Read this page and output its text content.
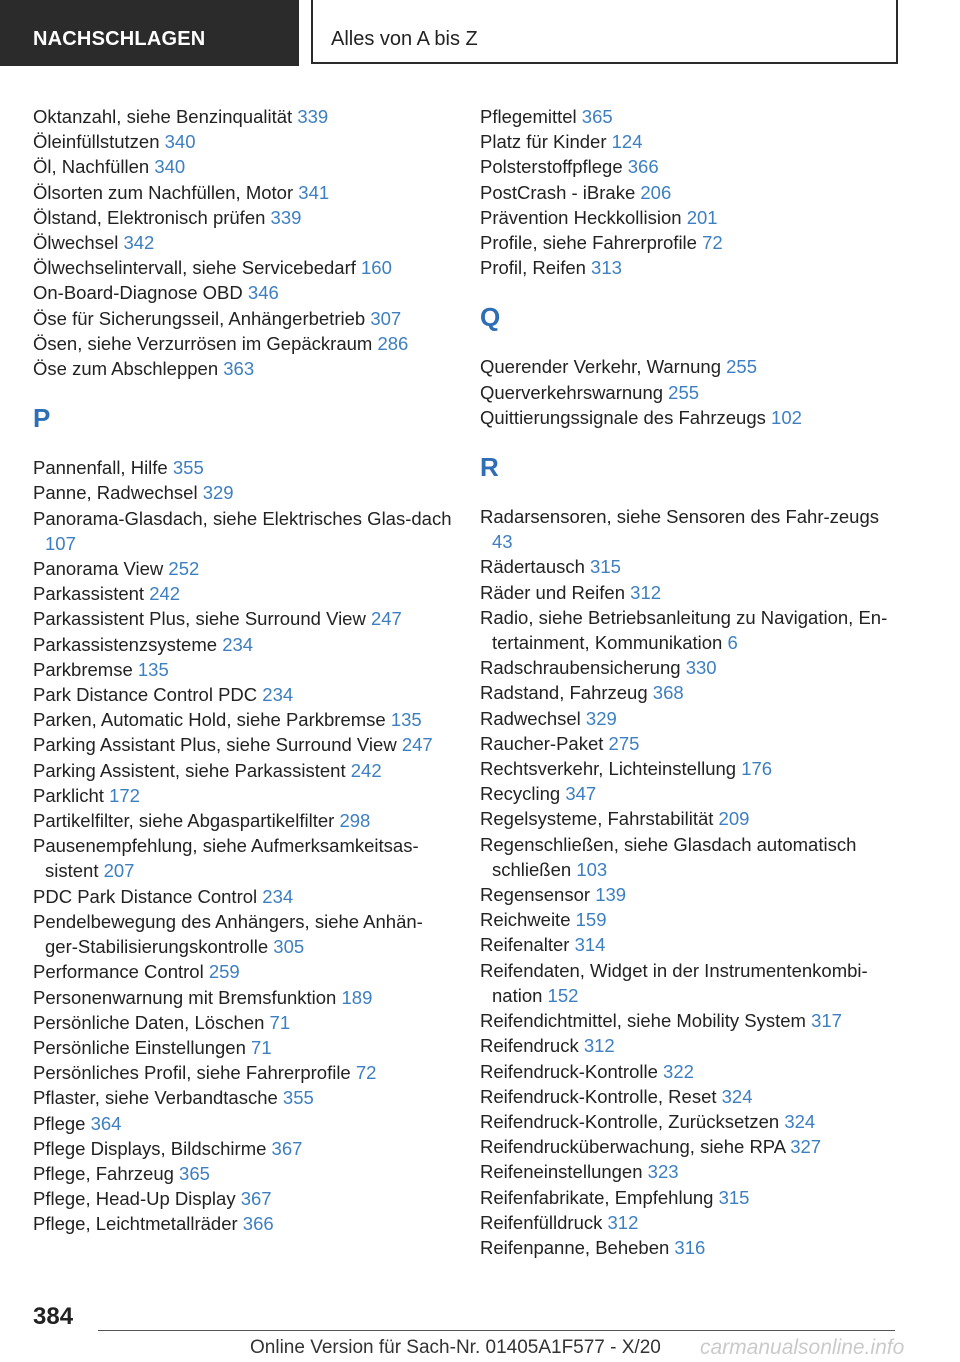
NACHSCHLAGEN	Alles von A bis Z
Oktanzahl, siehe Benzinqualität 339
Öleinfüllstutzen 340
Öl, Nachfüllen 340
Ölsorten zum Nachfüllen, Motor 341
Ölstand, Elektronisch prüfen 339
Ölwechsel 342
Ölwechselintervall, siehe Servicebedarf 160
On-Board-Diagnose OBD 346
Öse für Sicherungsseil, Anhängerbetrieb 307
Ösen, siehe Verzurrösen im Gepäckraum 286
Öse zum Abschleppen 363
P
Pannenfall, Hilfe 355
Panne, Radwechsel 329
Panorama-Glasdach, siehe Elektrisches Glas-dach 107
Panorama View 252
Parkassistent 242
Parkassistent Plus, siehe Surround View 247
Parkassistenzsysteme 234
Parkbremse 135
Park Distance Control PDC 234
Parken, Automatic Hold, siehe Parkbremse 135
Parking Assistant Plus, siehe Surround View 247
Parking Assistent, siehe Parkassistent 242
Parklicht 172
Partikelfilter, siehe Abgaspartikelfilter 298
Pausenempfehlung, siehe Aufmerksamkeitsas-sistent 207
PDC Park Distance Control 234
Pendelbewegung des Anhängers, siehe Anhän-ger-Stabilisierungskontrolle 305
Performance Control 259
Personenwarnung mit Bremsfunktion 189
Persönliche Daten, Löschen 71
Persönliche Einstellungen 71
Persönliches Profil, siehe Fahrerprofile 72
Pflaster, siehe Verbandtasche 355
Pflege 364
Pflege Displays, Bildschirme 367
Pflege, Fahrzeug 365
Pflege, Head-Up Display 367
Pflege, Leichtmetallräder 366
Pflegemittel 365
Platz für Kinder 124
Polsterstoffpflege 366
PostCrash - iBrake 206
Prävention Heckkollision 201
Profile, siehe Fahrerprofile 72
Profil, Reifen 313
Q
Querender Verkehr, Warnung 255
Querverkehrswarnung 255
Quittierungssignale des Fahrzeugs 102
R
Radarsensoren, siehe Sensoren des Fahr-zeugs 43
Rädertausch 315
Räder und Reifen 312
Radio, siehe Betriebsanleitung zu Navigation, En-tertainment, Kommunikation 6
Radschraubensicherung 330
Radstand, Fahrzeug 368
Radwechsel 329
Raucher-Paket 275
Rechtsverkehr, Lichteinstellung 176
Recycling 347
Regelsysteme, Fahrstabilität 209
Regenschließen, siehe Glasdach automatisch schließen 103
Regensensor 139
Reichweite 159
Reifenalter 314
Reifendaten, Widget in der Instrumentenkombi-nation 152
Reifendichtmittel, siehe Mobility System 317
Reifendruck 312
Reifendruck-Kontrolle 322
Reifendruck-Kontrolle, Reset 324
Reifendruck-Kontrolle, Zurücksetzen 324
Reifendrucküberwachung, siehe RPA 327
Reifeneinstellungen 323
Reifenfabrikate, Empfehlung 315
Reifenfülldruck 312
Reifenpanne, Beheben 316
384
Online Version für Sach-Nr. 01405A1F577 - X/20 carmanualsonline.info
